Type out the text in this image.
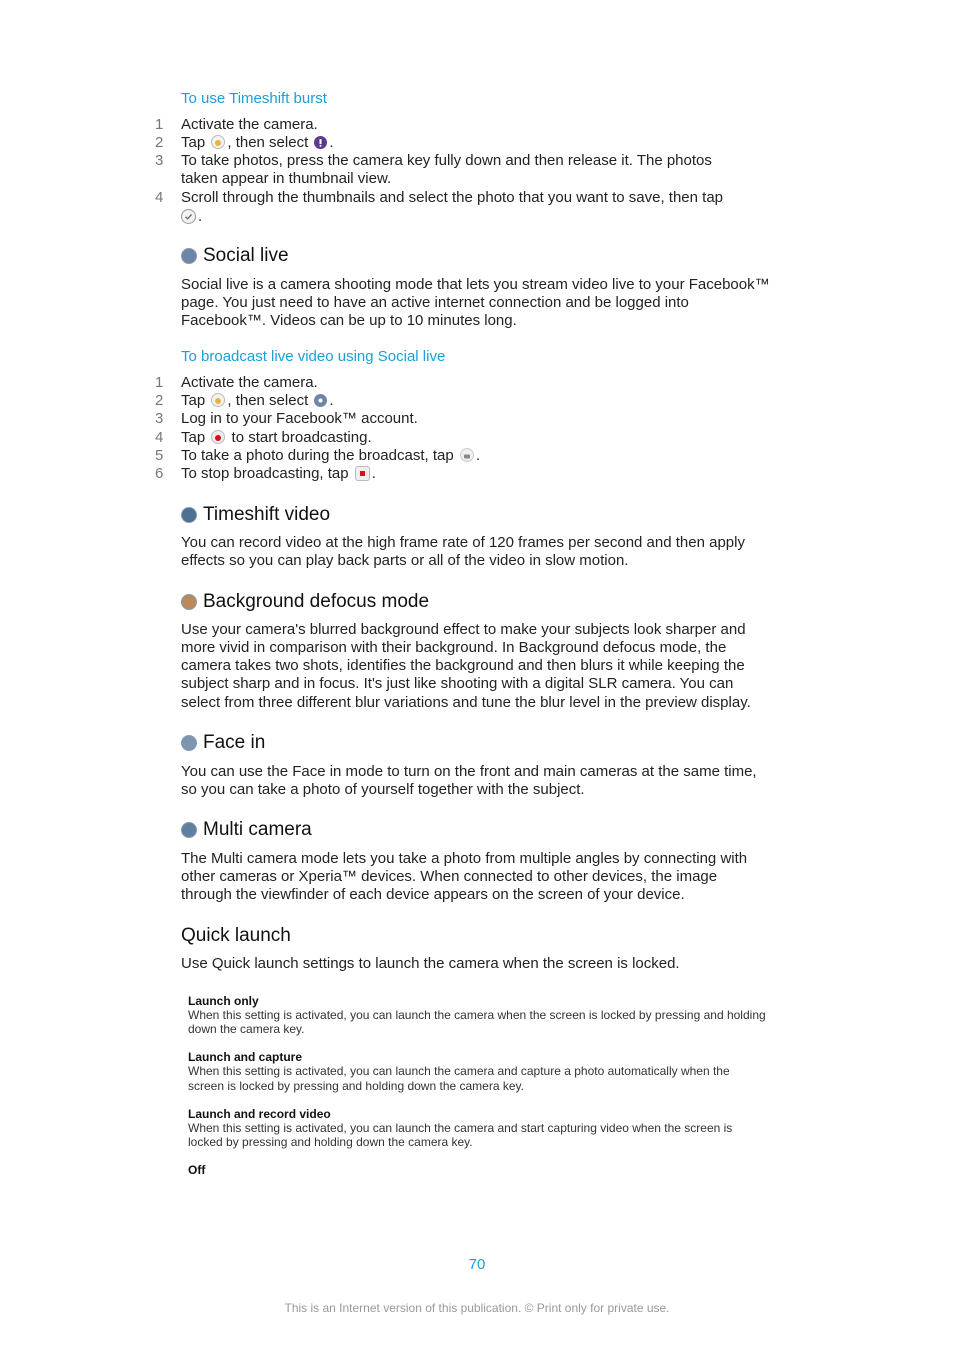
To use Timeshift burst
1 Activate the camera.
2 Tap , then select .
3 To take photos, press the camera key fully down and then release it. The photos
taken appear in thumbnail view.
4 Scroll through the thumbnails and select the photo that you want to save, then tap
.
Social live
Social live is a camera shooting mode that lets you stream video live to your Facebook™
page. You just need to have an active internet connection and be logged into
Facebook™. Videos can be up to 10 minutes long.
To broadcast live video using Social live
1 Activate the camera.
2 Tap , then select .
3 Log in to your Facebook™ account.
4 Tap to start broadcasting.
5 To take a photo during the broadcast, tap .
6 To stop broadcasting, tap .
Timeshift video
You can record video at the high frame rate of 120 frames per second and then apply
effects so you can play back parts or all of the video in slow motion.
Background defocus mode
Use your camera's blurred background effect to make your subjects look sharper and
more vivid in comparison with their background. In Background defocus mode, the
camera takes two shots, identifies the background and then blurs it while keeping the
subject sharp and in focus. It's just like shooting with a digital SLR camera. You can
select from three different blur variations and tune the blur level in the preview display.
Face in
You can use the Face in mode to turn on the front and main cameras at the same time,
so you can take a photo of yourself together with the subject.
Multi camera
The Multi camera mode lets you take a photo from multiple angles by connecting with
other cameras or Xperia™ devices. When connected to other devices, the image
through the viewfinder of each device appears on the screen of your device.
Quick launch
Use Quick launch settings to launch the camera when the screen is locked.
Launch only
When this setting is activated, you can launch the camera when the screen is locked by pressing and holding
down the camera key.
Launch and capture
When this setting is activated, you can launch the camera and capture a photo automatically when the
screen is locked by pressing and holding down the camera key.
Launch and record video
When this setting is activated, you can launch the camera and start capturing video when the screen is
locked by pressing and holding down the camera key.
Off
70
This is an Internet version of this publication. © Print only for private use.
